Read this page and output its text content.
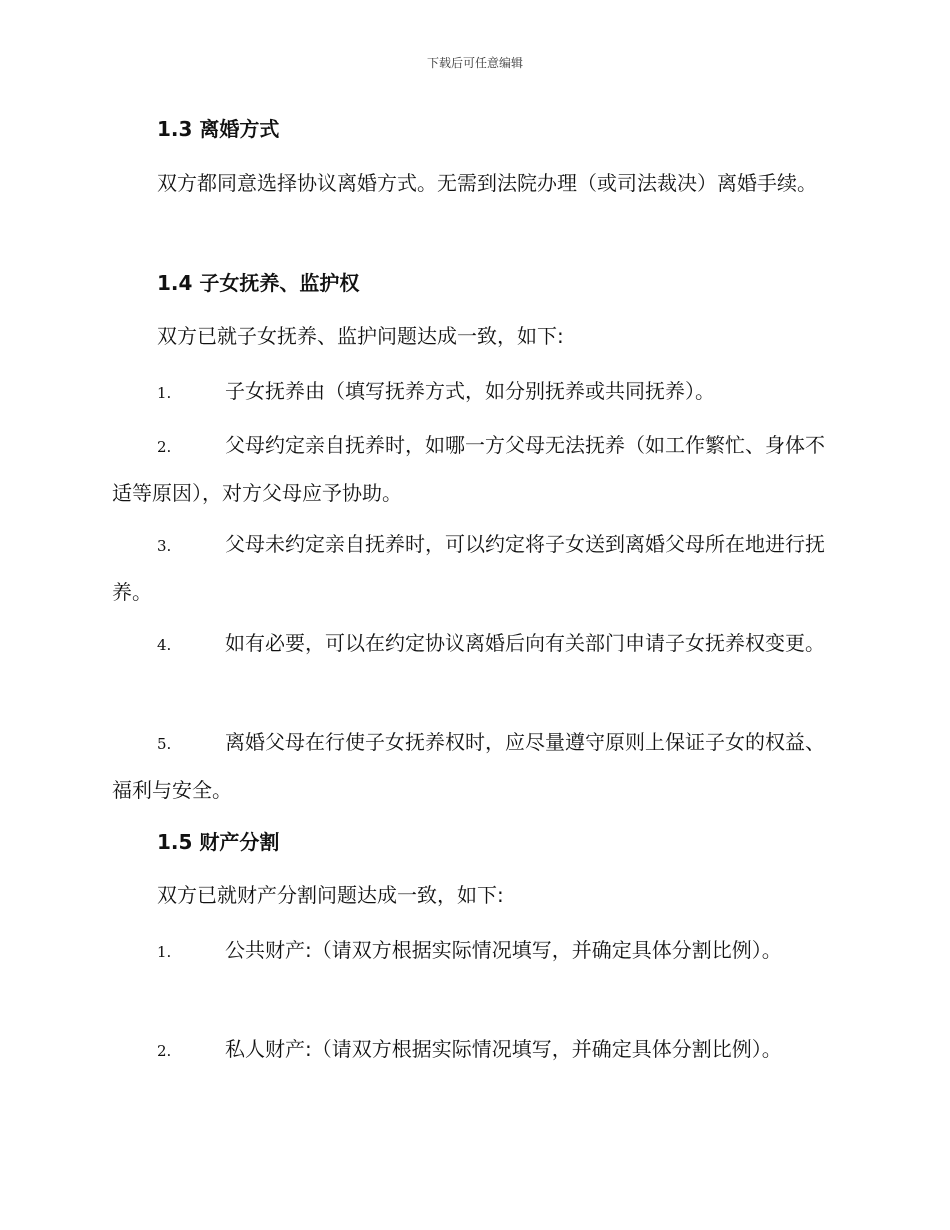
下载后可任意编辑
1.3 离婚方式
双方都同意选择协议离婚方式。无需到法院办理（或司法裁决）离婚手续。
1.4 子女抚养、监护权
双方已就子女抚养、监护问题达成一致，如下:
1.	子女抚养由（填写抚养方式，如分别抚养或共同抚养）。
2.	父母约定亲自抚养时，如哪一方父母无法抚养（如工作繁忙、身体不适等原因），对方父母应予协助。
3.	父母未约定亲自抚养时，可以约定将子女送到离婚父母所在地进行抚养。
4.	如有必要，可以在约定协议离婚后向有关部门申请子女抚养权变更。
5.	离婚父母在行使子女抚养权时，应尽量遵守原则上保证子女的权益、福利与安全。
1.5 财产分割
双方已就财产分割问题达成一致，如下:
1.	公共财产:（请双方根据实际情况填写，并确定具体分割比例）。
2.	私人财产:（请双方根据实际情况填写，并确定具体分割比例）。
